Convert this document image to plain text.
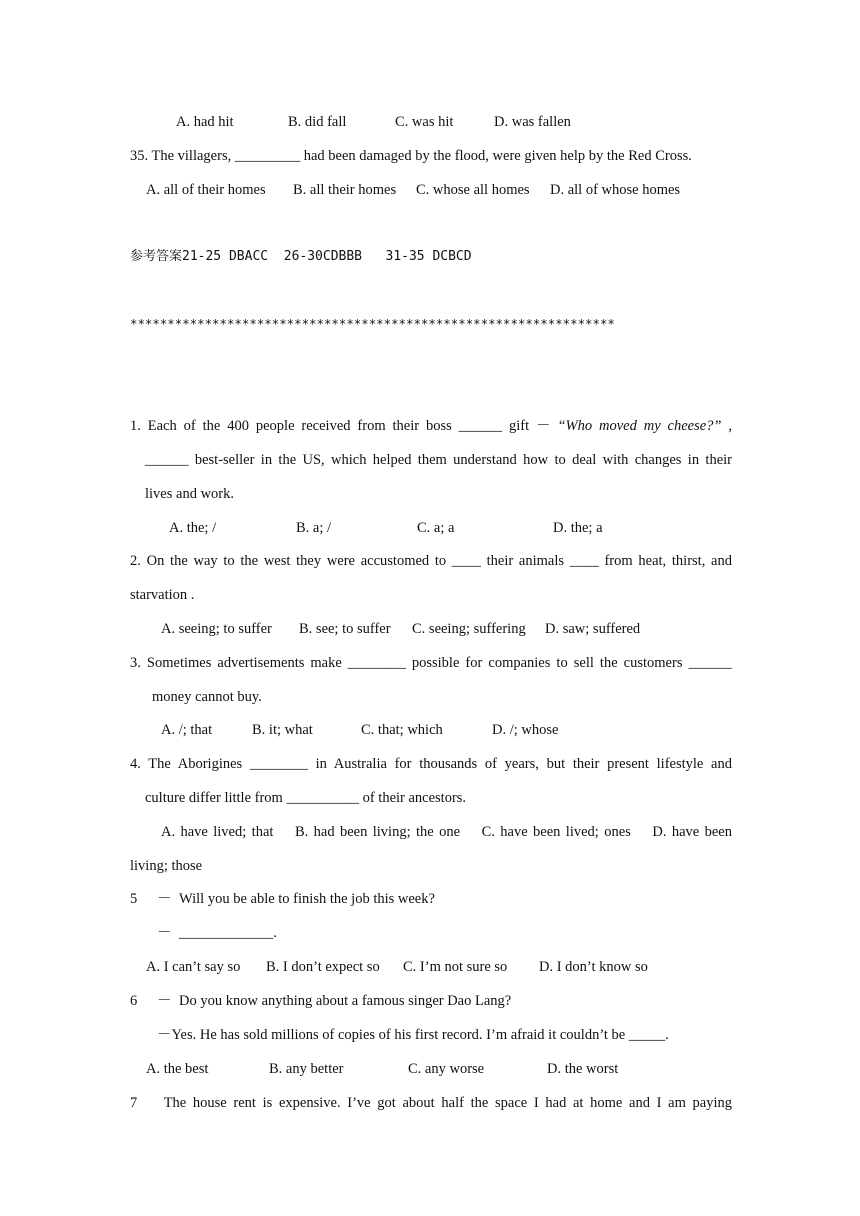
A. had hit	B. did fall	C. was hit	D. was fallen
35. The villagers, _________ had been damaged by the flood, were given help by the Red Cross.
A. all of their homes B. all their homes C. whose all homes D. all of whose homes
参考答案21-25 DBACC  26-30CDBBB   31-35 DCBCD
*****************************************************************
1. Each of the 400 people received from their boss ______ gift － “Who moved my cheese?” ,
______ best-seller in the US, which helped them understand how to deal with changes in their
lives and work.
A. the; /	B. a; /	C. a; a	D. the; a
2. On the way to the west they were accustomed to ____ their animals ____ from heat, thirst, and
starvation .
A. seeing; to suffer B. see; to suffer C. seeing; suffering D. saw; suffered
3. Sometimes advertisements make ________ possible for companies to sell the customers ______
money cannot buy.
A. /; that	B. it; what	C. that; which	D. /; whose
4. The Aborigines ________ in Australia for thousands of years, but their present lifestyle and
culture differ little from __________ of their ancestors.
A. have lived; that    B. had been living; the one    C. have been lived; ones    D. have been
living; those
5 － Will you be able to finish the job this week?
－ _____________.
A. I can’t say so B. I don’t expect so C. I’m not sure so D. I don’t know so
6 － Do you know anything about a famous singer Dao Lang?
－Yes. He has sold millions of copies of his first record. I’m afraid it couldn’t be _____.
A. the best	B. any better	C. any worse	D. the worst
7    The house rent is expensive. I’ve got about half the space I had at home and I am paying
